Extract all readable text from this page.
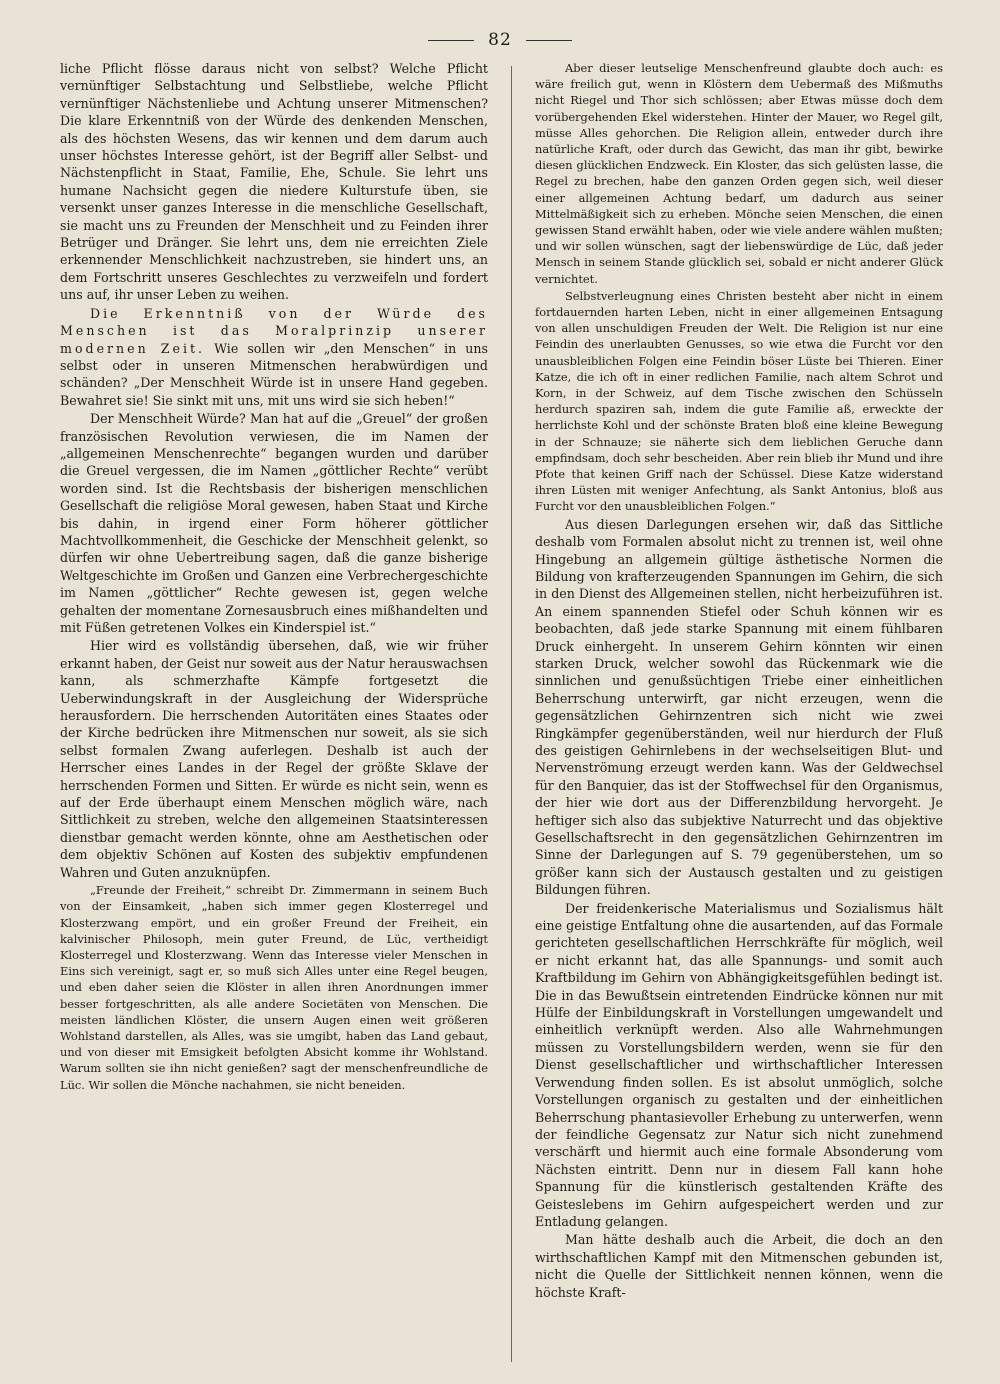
82

liche Pflicht flösse daraus nicht von selbst? Welche Pflicht vernünftiger Selbstachtung und Selbstliebe, welche Pflicht vernünftiger Nächstenliebe und Achtung unserer Mitmenschen? Die klare Erkenntniß von der Würde des denkenden Menschen, als des höchsten Wesens, das wir kennen und dem darum auch unser höchstes Interesse gehört, ist der Begriff aller Selbst- und Nächstenpflicht in Staat, Familie, Ehe, Schule. Sie lehrt uns humane Nachsicht gegen die niedere Kulturstufe üben, sie versenkt unser ganzes Interesse in die menschliche Gesellschaft, sie macht uns zu Freunden der Menschheit und zu Feinden ihrer Betrüger und Dränger. Sie lehrt uns, dem nie erreichten Ziele erkennender Menschlichkeit nachzustreben, sie hindert uns, an dem Fortschritt unseres Geschlechtes zu verzweifeln und fordert uns auf, ihr unser Leben zu weihen.

Die Erkenntniß von der Würde des Menschen ist das Moralprinzip unserer modernen Zeit. Wie sollen wir „den Menschen“ in uns selbst oder in unseren Mitmenschen herabwürdigen und schänden? „Der Menschheit Würde ist in unsere Hand gegeben. Bewahret sie! Sie sinkt mit uns, mit uns wird sie sich heben!“

Der Menschheit Würde? Man hat auf die „Greuel“ der großen französischen Revolution verwiesen, die im Namen der „allgemeinen Menschenrechte“ begangen wurden und darüber die Greuel vergessen, die im Namen „göttlicher Rechte“ verübt worden sind. Ist die Rechtsbasis der bisherigen menschlichen Gesellschaft die religiöse Moral gewesen, haben Staat und Kirche bis dahin, in irgend einer Form höherer göttlicher Machtvollkommenheit, die Geschicke der Menschheit gelenkt, so dürfen wir ohne Uebertreibung sagen, daß die ganze bisherige Weltgeschichte im Großen und Ganzen eine Verbrechergeschichte im Namen „göttlicher“ Rechte gewesen ist, gegen welche gehalten der momentane Zornesausbruch eines mißhandelten und mit Füßen getretenen Volkes ein Kinderspiel ist.“

Hier wird es vollständig übersehen, daß, wie wir früher erkannt haben, der Geist nur soweit aus der Natur herauswachsen kann, als schmerzhafte Kämpfe fortgesetzt die Ueberwindungskraft in der Ausgleichung der Widersprüche herausfordern. Die herrschenden Autoritäten eines Staates oder der Kirche bedrücken ihre Mitmenschen nur soweit, als sie sich selbst formalen Zwang auferlegen. Deshalb ist auch der Herrscher eines Landes in der Regel der größte Sklave der herrschenden Formen und Sitten. Er würde es nicht sein, wenn es auf der Erde überhaupt einem Menschen möglich wäre, nach Sittlichkeit zu streben, welche den allgemeinen Staatsinteressen dienstbar gemacht werden könnte, ohne am Aesthetischen oder dem objektiv Schönen auf Kosten des subjektiv empfundenen Wahren und Guten anzuknüpfen.

„Freunde der Freiheit,“ schreibt Dr. Zimmermann in seinem Buch von der Einsamkeit, „haben sich immer gegen Klosterregel und Klosterzwang empört, und ein großer Freund der Freiheit, ein kalvinischer Philosoph, mein guter Freund, de Lüc, vertheidigt Klosterregel und Klosterzwang. Wenn das Interesse vieler Menschen in Eins sich vereinigt, sagt er, so muß sich Alles unter eine Regel beugen, und eben daher seien die Klöster in allen ihren Anordnungen immer besser fortgeschritten, als alle andere Societäten von Menschen. Die meisten ländlichen Klöster, die unsern Augen einen weit größeren Wohlstand darstellen, als Alles, was sie umgibt, haben das Land gebaut, und von dieser mit Emsigkeit befolgten Absicht komme ihr Wohlstand. Warum sollten sie ihn nicht genießen? sagt der menschenfreundliche de Lüc. Wir sollen die Mönche nachahmen, sie nicht beneiden.

Aber dieser leutselige Menschenfreund glaubte doch auch: es wäre freilich gut, wenn in Klöstern dem Uebermaß des Mißmuths nicht Riegel und Thor sich schlössen; aber Etwas müsse doch dem vorübergehenden Ekel widerstehen. Hinter der Mauer, wo Regel gilt, müsse Alles gehorchen. Die Religion allein, entweder durch ihre natürliche Kraft, oder durch das Gewicht, das man ihr gibt, bewirke diesen glücklichen Endzweck. Ein Kloster, das sich gelüsten lasse, die Regel zu brechen, habe den ganzen Orden gegen sich, weil dieser einer allgemeinen Achtung bedarf, um dadurch aus seiner Mittelmäßigkeit sich zu erheben. Mönche seien Menschen, die einen gewissen Stand erwählt haben, oder wie viele andere wählen mußten; und wir sollen wünschen, sagt der liebenswürdige de Lüc, daß jeder Mensch in seinem Stande glücklich sei, sobald er nicht anderer Glück vernichtet.

Selbstverleugnung eines Christen besteht aber nicht in einem fortdauernden harten Leben, nicht in einer allgemeinen Entsagung von allen unschuldigen Freuden der Welt. Die Religion ist nur eine Feindin des unerlaubten Genusses, so wie etwa die Furcht vor den unausbleiblichen Folgen eine Feindin böser Lüste bei Thieren. Einer Katze, die ich oft in einer redlichen Familie, nach altem Schrot und Korn, in der Schweiz, auf dem Tische zwischen den Schüsseln herdurch spaziren sah, indem die gute Familie aß, erweckte der herrlichste Kohl und der schönste Braten bloß eine kleine Bewegung in der Schnauze; sie näherte sich dem lieblichen Geruche dann empfindsam, doch sehr bescheiden. Aber rein blieb ihr Mund und ihre Pfote that keinen Griff nach der Schüssel. Diese Katze widerstand ihren Lüsten mit weniger Anfechtung, als Sankt Antonius, bloß aus Furcht vor den unausbleiblichen Folgen.“

Aus diesen Darlegungen ersehen wir, daß das Sittliche deshalb vom Formalen absolut nicht zu trennen ist, weil ohne Hingebung an allgemein gültige ästhetische Normen die Bildung von krafterzeugenden Spannungen im Gehirn, die sich in den Dienst des Allgemeinen stellen, nicht herbeizuführen ist. An einem spannenden Stiefel oder Schuh können wir es beobachten, daß jede starke Spannung mit einem fühlbaren Druck einhergeht. In unserem Gehirn könnten wir einen starken Druck, welcher sowohl das Rückenmark wie die sinnlichen und genußsüchtigen Triebe einer einheitlichen Beherrschung unterwirft, gar nicht erzeugen, wenn die gegensätzlichen Gehirnzentren sich nicht wie zwei Ringkämpfer gegenüberständen, weil nur hierdurch der Fluß des geistigen Gehirnlebens in der wechselseitigen Blut- und Nervenströmung erzeugt werden kann. Was der Geldwechsel für den Banquier, das ist der Stoffwechsel für den Organismus, der hier wie dort aus der Differenzbildung hervorgeht. Je heftiger sich also das subjektive Naturrecht und das objektive Gesellschaftsrecht in den gegensätzlichen Gehirnzentren im Sinne der Darlegungen auf S. 79 gegenüberstehen, um so größer kann sich der Austausch gestalten und zu geistigen Bildungen führen.

Der freidenkerische Materialismus und Sozialismus hält eine geistige Entfaltung ohne die ausartenden, auf das Formale gerichteten gesellschaftlichen Herrschkräfte für möglich, weil er nicht erkannt hat, das alle Spannungs- und somit auch Kraftbildung im Gehirn von Abhängigkeitsgefühlen bedingt ist. Die in das Bewußtsein eintretenden Eindrücke können nur mit Hülfe der Einbildungskraft in Vorstellungen umgewandelt und einheitlich verknüpft werden. Also alle Wahrnehmungen müssen zu Vorstellungsbildern werden, wenn sie für den Dienst gesellschaftlicher und wirthschaftlicher Interessen Verwendung finden sollen. Es ist absolut unmöglich, solche Vorstellungen organisch zu gestalten und der einheitlichen Beherrschung phantasievoller Erhebung zu unterwerfen, wenn der feindliche Gegensatz zur Natur sich nicht zunehmend verschärft und hiermit auch eine formale Absonderung vom Nächsten eintritt. Denn nur in diesem Fall kann hohe Spannung für die künstlerisch gestaltenden Kräfte des Geisteslebens im Gehirn aufgespeichert werden und zur Entladung gelangen.

Man hätte deshalb auch die Arbeit, die doch an den wirthschaftlichen Kampf mit den Mitmenschen gebunden ist, nicht die Quelle der Sittlichkeit nennen können, wenn die höchste Kraft-
